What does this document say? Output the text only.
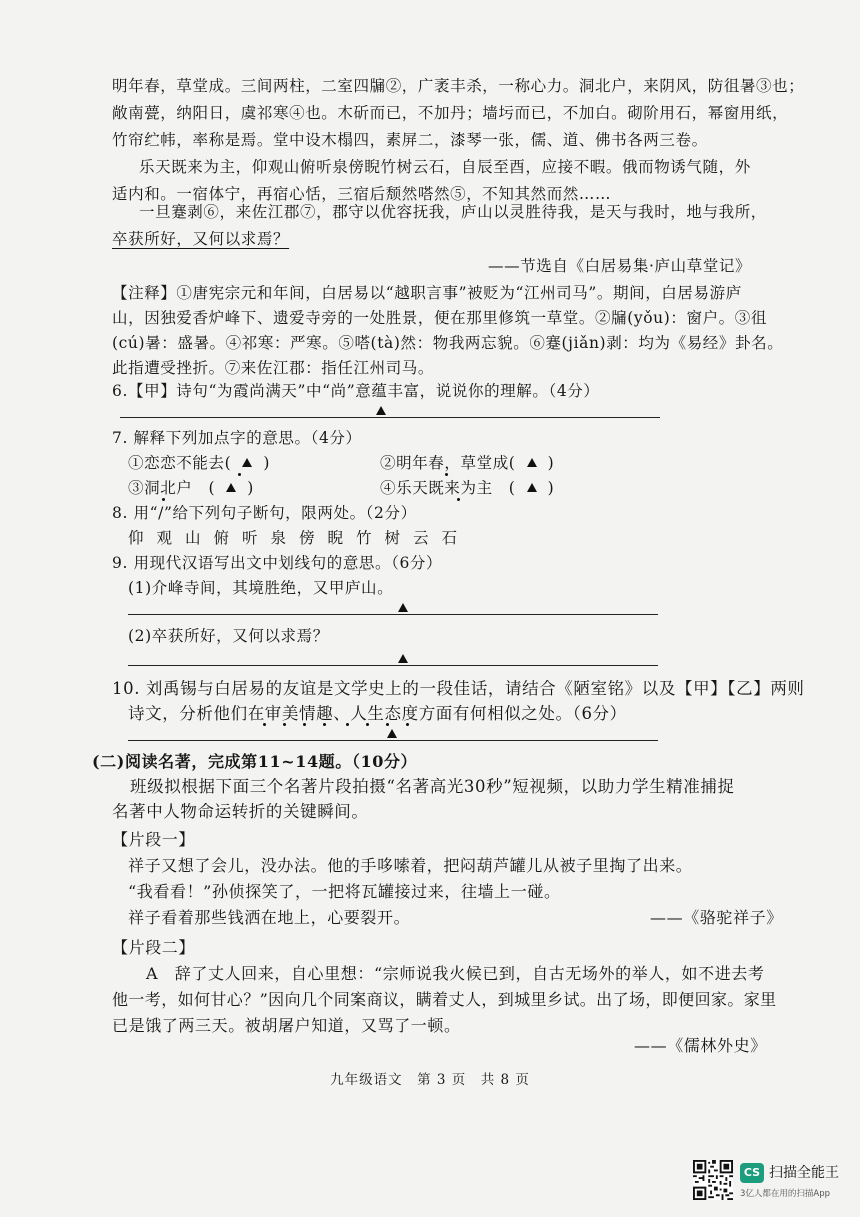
明年春，草堂成。三间两柱，二室四牖②，广袤丰杀，一称心力。洞北户，来阴风，防徂暑③也；
敞南甍，纳阳日，虞祁寒④也。木斫而已，不加丹；墙圬而已，不加白。砌阶用石，幂窗用纸，
竹帘纻帏，率称是焉。堂中设木榻四，素屏二，漆琴一张，儒、道、佛书各两三卷。
乐天既来为主，仰观山俯听泉傍睨竹树云石，自辰至酉，应接不暇。俄而物诱气随，外
适内和。一宿体宁，再宿心恬，三宿后颓然嗒然⑤，不知其然而然……
一旦蹇剥⑥，来佐江郡⑦，郡守以优容抚我，庐山以灵胜待我，是天与我时，地与我所，
卒获所好，又何以求焉？
——节选自《白居易集·庐山草堂记》
【注释】①唐宪宗元和年间，白居易以“越职言事”被贬为“江州司马”。期间，白居易游庐
山，因独爱香炉峰下、遗爱寺旁的一处胜景，便在那里修筑一草堂。②牖(yǒu)：窗户。③徂
(cú)暑：盛暑。④祁寒：严寒。⑤嗒(tà)然：物我两忘貌。⑥蹇(jiǎn)剥：均为《易经》卦名。
此指遭受挫折。⑦来佐江郡：指任江州司马。
6.【甲】诗句“为霞尚满天”中“尚”意蕴丰富，说说你的理解。（4分）
7. 解释下列加点字的意思。（4分）
①恋恋不能去( )	②明年春，草堂成( )
③洞北户　( )	④乐天既来为主　( )
8. 用“/”给下列句子断句，限两处。（2分）
仰观山俯听泉傍睨竹树云石
9. 用现代汉语写出文中划线句的意思。（6分）
(1)介峰寺间，其境胜绝，又甲庐山。
(2)卒获所好，又何以求焉？
10. 刘禹锡与白居易的友谊是文学史上的一段佳话，请结合《陋室铭》以及【甲】【乙】两则
诗文，分析他们在审美情趣、人生态度方面有何相似之处。（6分）
(二)阅读名著，完成第11~14题。（10分）
班级拟根据下面三个名著片段拍摄“名著高光30秒”短视频，以助力学生精准捕捉
名著中人物命运转折的关键瞬间。
【片段一】
祥子又想了会儿，没办法。他的手哆嗦着，把闷葫芦罐儿从被子里掏了出来。
“我看看！”孙侦探笑了，一把将瓦罐接过来，往墙上一碰。
祥子看着那些钱洒在地上，心要裂开。	——《骆驼祥子》
【片段二】
A　辞了丈人回来，自心里想：“宗师说我火候已到，自古无场外的举人，如不进去考
他一考，如何甘心？”因向几个同案商议，瞒着丈人，到城里乡试。出了场，即便回家。家里
已是饿了两三天。被胡屠户知道，又骂了一顿。
——《儒林外史》
九年级语文　第 3 页　共 8 页
CS 扫描全能王
3亿人都在用的扫描App
